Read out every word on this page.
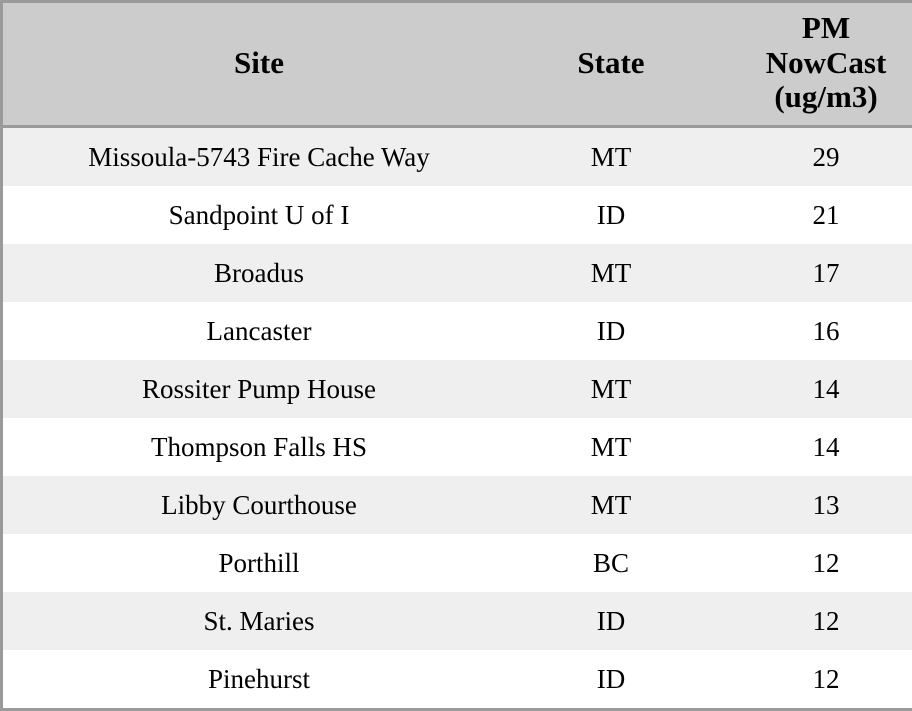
Site	State	PM
NowCast
(ug/m3)

Missoula-5743 Fire Cache Way	MT	29
Sandpoint U of I	ID	21
Broadus	MT	17
Lancaster	ID	16
Rossiter Pump House	MT	14
Thompson Falls HS	MT	14
Libby Courthouse	MT	13
Porthill	BC	12
St. Maries	ID	12
Pinehurst	ID	12
